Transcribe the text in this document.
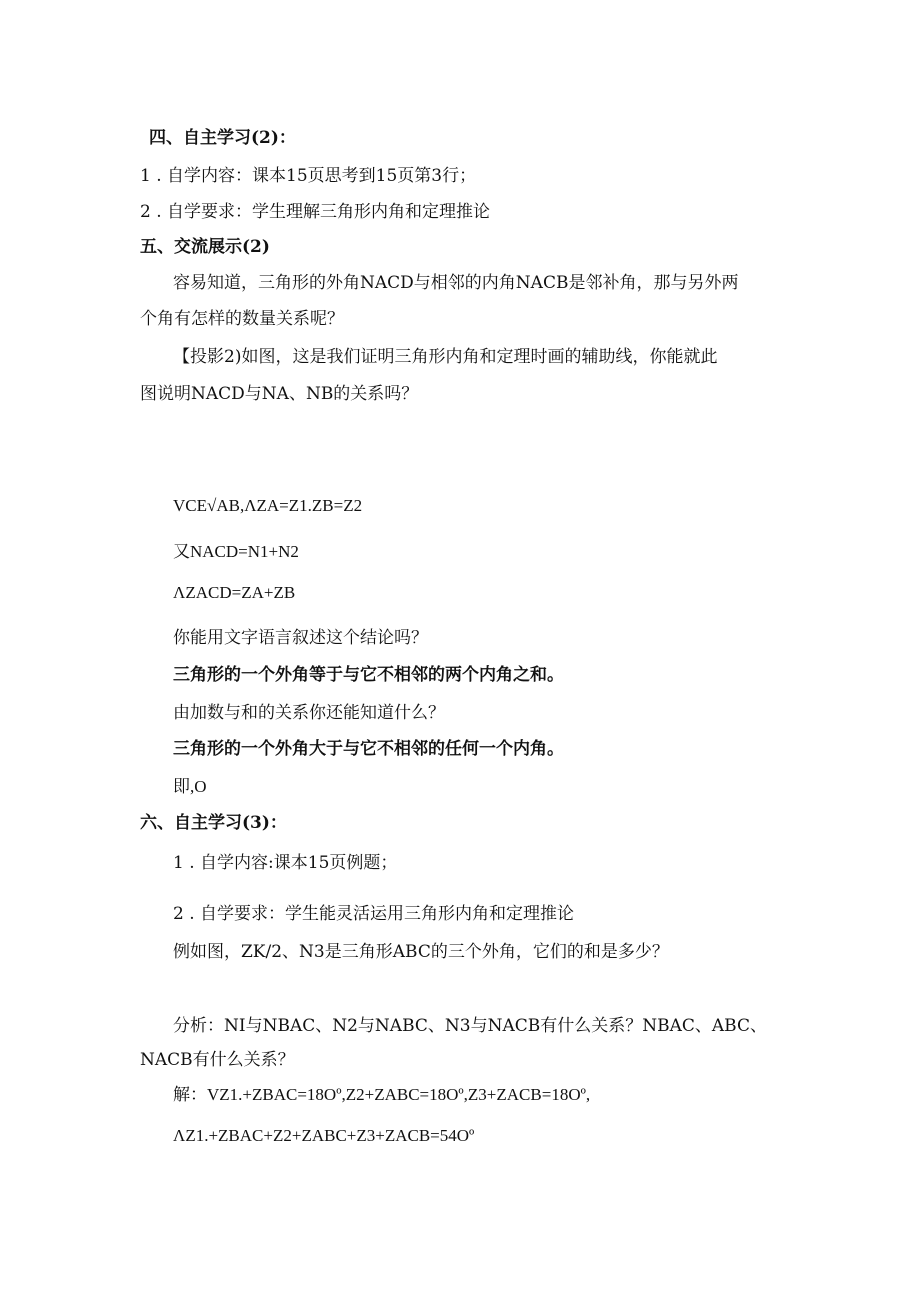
四、自主学习(2)：
1 . 自学内容：课本15页思考到15页第3行；
2 . 自学要求：学生理解三角形内角和定理推论
五、交流展示(2)
容易知道，三角形的外角NACD与相邻的内角NACB是邻补角，那与另外两
个角有怎样的数量关系呢？
【投影2)如图，这是我们证明三角形内角和定理时画的辅助线，你能就此
图说明NACD与NA、NB的关系吗？
VCE√AB,ΛZA=Z1.ZB=Z2
又NACD=N1+N2
ΛZACD=ZA+ZB
你能用文字语言叙述这个结论吗？
三角形的一个外角等于与它不相邻的两个内角之和。
由加数与和的关系你还能知道什么？
三角形的一个外角大于与它不相邻的任何一个内角。
即,O
六、自主学习(3)：
1 . 自学内容:课本15页例题；
2 . 自学要求：学生能灵活运用三角形内角和定理推论
例如图，ZK/2、N3是三角形ABC的三个外角，它们的和是多少？
分析：NI与NBAC、N2与NABC、N3与NACB有什么关系？NBAC、ABC、
NACB有什么关系？
解：VZ1.+ZBAC=18Oº,Z2+ZABC=18Oº,Z3+ZACB=18Oº,
ΛZ1.+ZBAC+Z2+ZABC+Z3+ZACB=54Oº
